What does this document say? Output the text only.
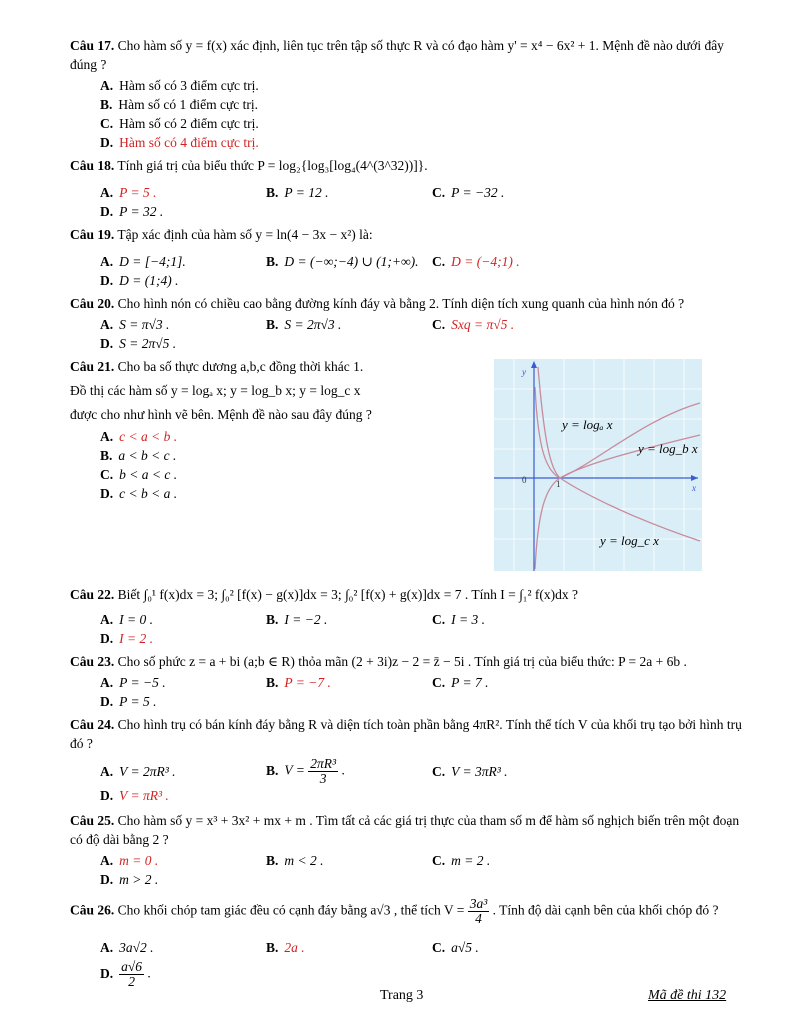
Câu 17. Cho hàm số y = f(x) xác định, liên tục trên tập số thực R và có đạo hàm y' = x⁴ − 6x² + 1. Mệnh đề nào dưới đây đúng ?

A. Hàm số có 3 điểm cực trị.
B. Hàm số có 1 điểm cực trị.
C. Hàm số có 2 điểm cực trị.
D. Hàm số có 4 điểm cực trị.

Câu 18. Tính giá trị của biểu thức P = log₂{log₃[log₄(4^(3^32))]}.

A. P = 5 .	B. P = 12 .	C. P = −32 .
D. P = 32 .

Câu 19. Tập xác định của hàm số y = ln(4 − 3x − x²) là:

A. D = [−4;1].	B. D = (−∞;−4) ∪ (1;+∞).	C. D = (−4;1) .
D. D = (1;4) .

Câu 20. Cho hình nón có chiều cao bằng đường kính đáy và bằng 2. Tính diện tích xung quanh của hình nón đó ?

A. S = π√3 .	B. S = 2π√3 .	C. Sxq = π√5 .
D. S = 2π√5 .

Câu 21. Cho ba số thực dương a,b,c đồng thời khác 1.

Đồ thị các hàm số y = logₐ x; y = log_b x; y = log_c x

được cho như hình vẽ bên. Mệnh đề nào sau đây đúng ?

A. c < a < b .
B. a < b < c .
C. b < a < c .
D. c < b < a .
y
x
0	1
y = logₐ x
y = log_b x
y = log_c x

Câu 22. Biết ∫₀¹ f(x)dx = 3; ∫₀² [f(x) − g(x)]dx = 3; ∫₀² [f(x) + g(x)]dx = 7 . Tính I = ∫₁² f(x)dx ?

A. I = 0 .	B. I = −2 .	C. I = 3 .
D. I = 2 .

Câu 23. Cho số phức z = a + bi (a;b ∈ R) thỏa mãn (2 + 3i)z − 2 = z̄ − 5i . Tính giá trị của biểu thức: P = 2a + 6b .

A. P = −5 .	B. P = −7 .	C. P = 7 .
D. P = 5 .

Câu 24. Cho hình trụ có bán kính đáy bằng R và diện tích toàn phần bằng 4πR². Tính thể tích V của khối trụ tạo bởi hình trụ đó ?

A. V = 2πR³ .	B. $V = \frac{\text{2πR³}}{3}$ .	C. V = 3πR³ .
D. V = πR³ .

Câu 25. Cho hàm số y = x³ + 3x² + mx + m . Tìm tất cả các giá trị thực của tham số m để hàm số nghịch biến trên một đoạn có độ dài bằng 2 ?

A. m = 0 .	B. m < 2 .	C. m = 2 .
D. m > 2 .

Câu 26. Cho khối chóp tam giác đều có cạnh đáy bằng a√3 , thể tích $V = \frac{\text{3a³}}{4}$ . Tính độ dài cạnh bên của khối chóp đó ?

A. 3a√2 .	B. 2a .	C. a√5 .
D. $\frac{a√6}{2}$ .
Trang 3	Mã đề thi 132
